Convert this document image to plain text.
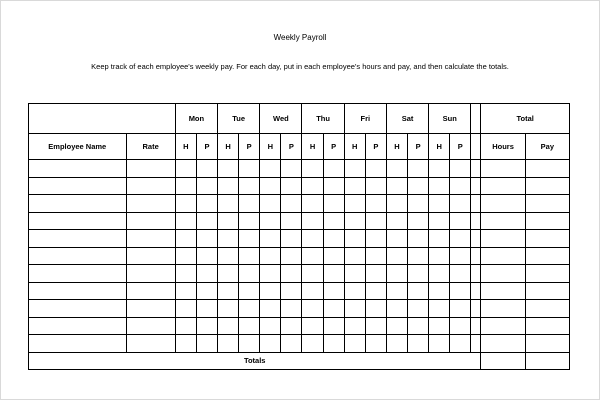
Weekly Payroll
Keep track of each employee's weekly pay. For each day, put in each employee's hours and pay, and then calculate the totals.
		Mon		Tue		Wed		Thu		Fri		Sat		Sun			Total	
Employee Name	Rate	H	P	H	P	H	P	H	P	H	P	H	P	H	P		Hours	Pay

Totals																		
